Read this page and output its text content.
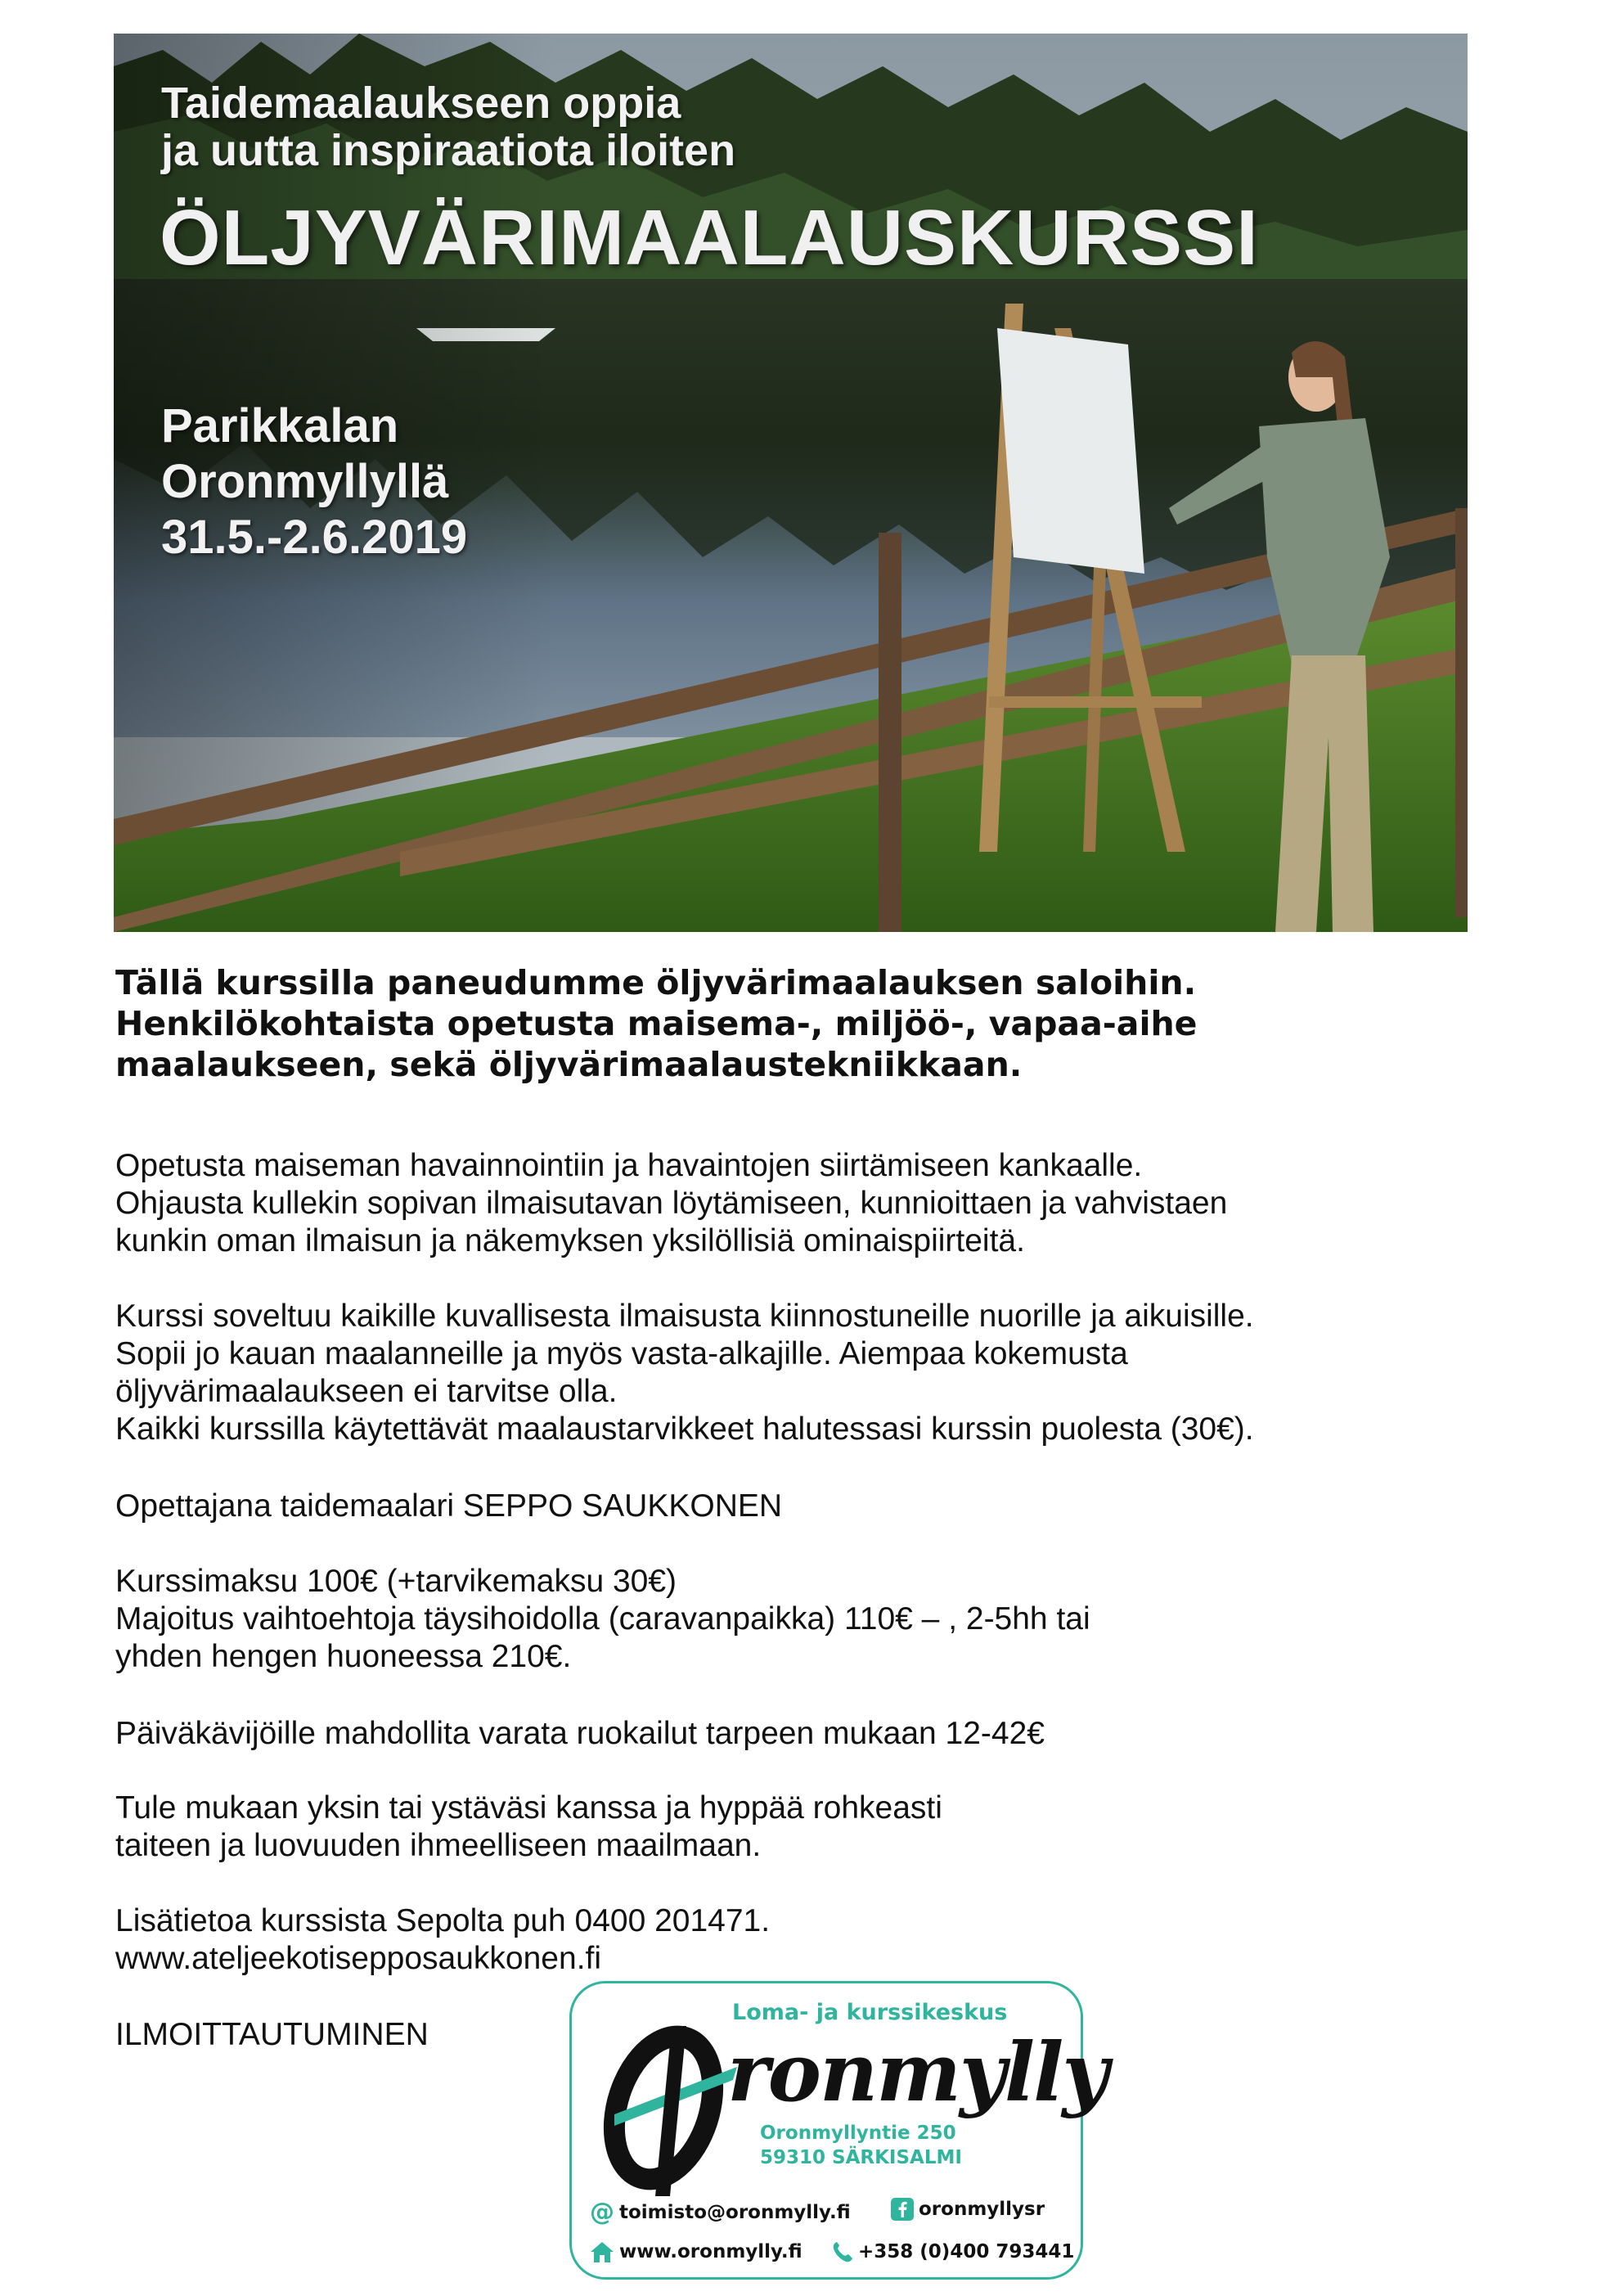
Taidemaalaukseen oppia
ja uutta inspiraatiota iloiten

ÖLJYVÄRIMAALAUSKURSSI

Parikkalan
Oronmyllyllä
31.5.-2.6.2019

Tällä kurssilla paneudumme öljyvärimaalauksen saloihin.
Henkilökohtaista opetusta maisema-, miljöö-, vapaa-aihe
maalaukseen, sekä öljyvärimaalaustekniikkaan.

Opetusta maiseman havainnointiin ja havaintojen siirtämiseen kankaalle.
Ohjausta kullekin sopivan ilmaisutavan löytämiseen, kunnioittaen ja vahvistaen
kunkin oman ilmaisun ja näkemyksen yksilöllisiä ominaispiirteitä.

Kurssi soveltuu kaikille kuvallisesta ilmaisusta kiinnostuneille nuorille ja aikuisille.
Sopii jo kauan maalanneille ja myös vasta-alkajille. Aiempaa kokemusta
öljyvärimaalaukseen ei tarvitse olla.
Kaikki kurssilla käytettävät maalaustarvikkeet halutessasi kurssin puolesta (30€).

Opettajana taidemaalari SEPPO SAUKKONEN

Kurssimaksu 100€ (+tarvikemaksu 30€)
Majoitus vaihtoehtoja täysihoidolla (caravanpaikka) 110€ – , 2-5hh tai
yhden hengen huoneessa 210€.

Päiväkävijöille mahdollita varata ruokailut tarpeen mukaan 12-42€

Tule mukaan yksin tai ystäväsi kanssa ja hyppää rohkeasti
taiteen ja luovuuden ihmeelliseen maailmaan.

Lisätietoa kurssista Sepolta puh 0400 201471.
www.ateljeekotisepposaukkonen.fi

ILMOITTAUTUMINEN

Loma- ja kurssikeskus
ronmylly
Oronmyllyntie 250
59310 SÄRKISALMI
@ toimisto@oronmylly.fi	oronmyllysr
www.oronmylly.fi	+358 (0)400 793441
